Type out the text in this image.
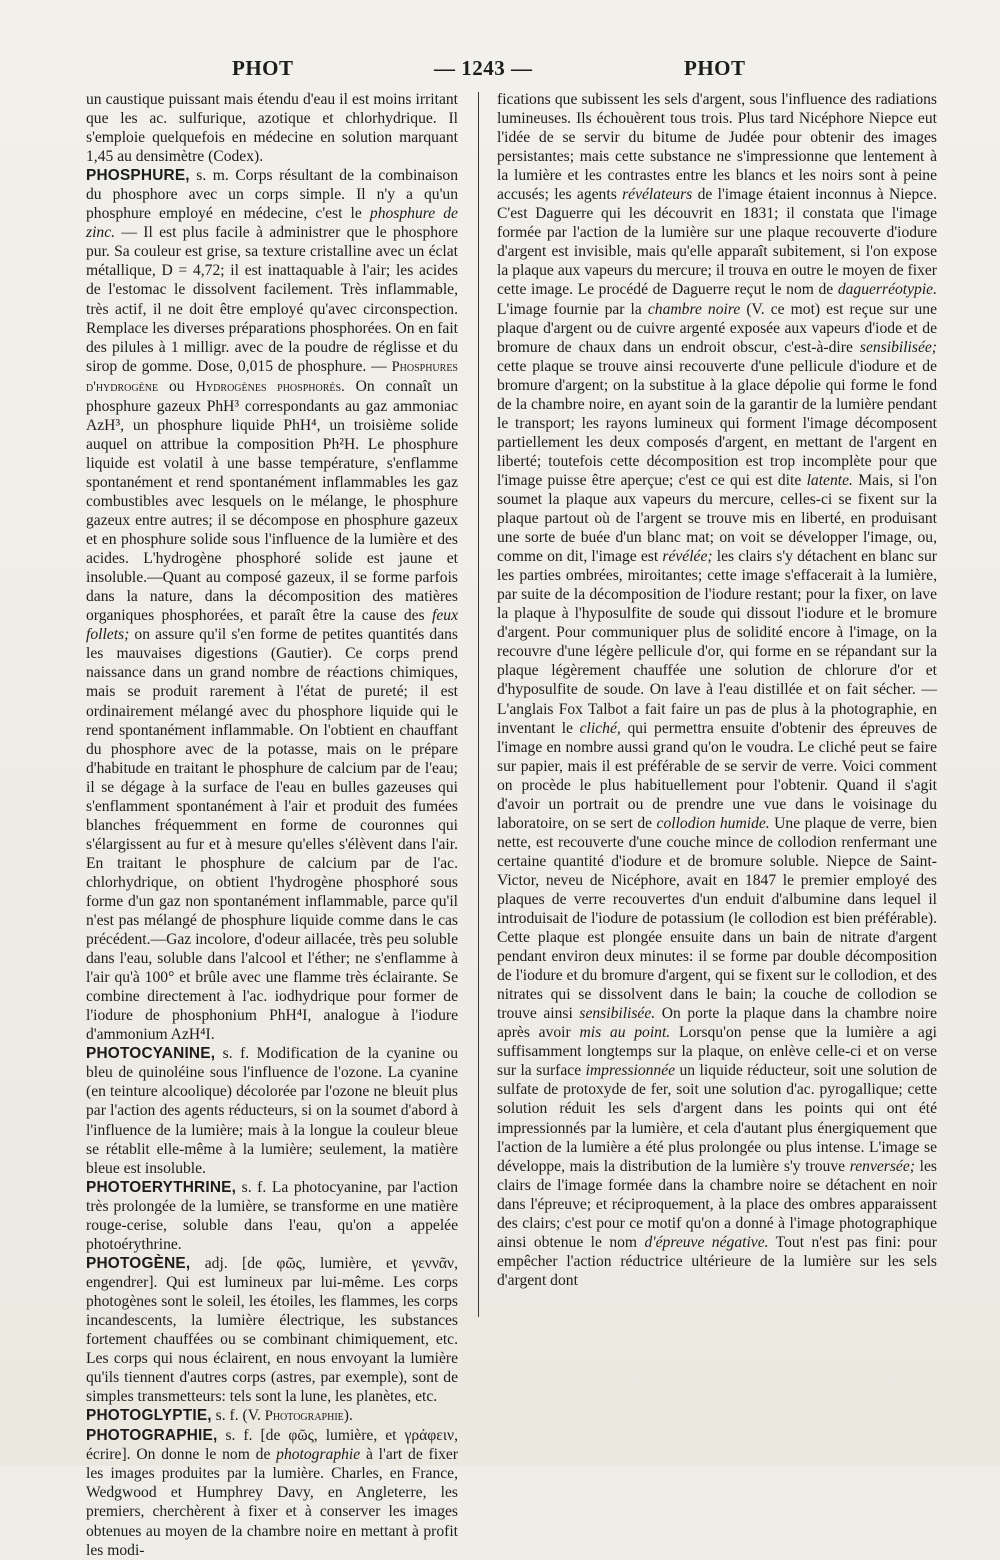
PHOT	— 1243 —	PHOT

un caustique puissant mais étendu d'eau il est moins irritant que les ac. sulfurique, azotique et chlorhydrique. Il s'emploie quelquefois en médecine en solution marquant 1,45 au densimètre (Codex).

PHOSPHURE, s. m. Corps résultant de la combinaison du phosphore avec un corps simple. Il n'y a qu'un phosphure employé en médecine, c'est le phosphure de zinc. — Il est plus facile à administrer que le phosphore pur. Sa couleur est grise, sa texture cristalline avec un éclat métallique, D = 4,72; il est inattaquable à l'air; les acides de l'estomac le dissolvent facilement. Très inflammable, très actif, il ne doit être employé qu'avec circonspection. Remplace les diverses préparations phosphorées. On en fait des pilules à 1 milligr. avec de la poudre de réglisse et du sirop de gomme. Dose, 0,015 de phosphure. — Phosphures d'hydrogène ou Hydrogènes phosphorés. On connaît un phosphure gazeux PhH³ correspondants au gaz ammoniac AzH³, un phosphure liquide PhH⁴, un troisième solide auquel on attribue la composition Ph²H. Le phosphure liquide est volatil à une basse température, s'enflamme spontanément et rend spontanément inflammables les gaz combustibles avec lesquels on le mélange, le phosphure gazeux entre autres; il se décompose en phosphure gazeux et en phosphure solide sous l'influence de la lumière et des acides. L'hydrogène phosphoré solide est jaune et insoluble.—Quant au composé gazeux, il se forme parfois dans la nature, dans la décomposition des matières organiques phosphorées, et paraît être la cause des feux follets; on assure qu'il s'en forme de petites quantités dans les mauvaises digestions (Gautier). Ce corps prend naissance dans un grand nombre de réactions chimiques, mais se produit rarement à l'état de pureté; il est ordinairement mélangé avec du phosphore liquide qui le rend spontanément inflammable. On l'obtient en chauffant du phosphore avec de la potasse, mais on le prépare d'habitude en traitant le phosphure de calcium par de l'eau; il se dégage à la surface de l'eau en bulles gazeuses qui s'enflamment spontanément à l'air et produit des fumées blanches fréquemment en forme de couronnes qui s'élargissent au fur et à mesure qu'elles s'élèvent dans l'air. En traitant le phosphure de calcium par de l'ac. chlorhydrique, on obtient l'hydrogène phosphoré sous forme d'un gaz non spontanément inflammable, parce qu'il n'est pas mélangé de phosphure liquide comme dans le cas précédent.—Gaz incolore, d'odeur aillacée, très peu soluble dans l'eau, soluble dans l'alcool et l'éther; ne s'enflamme à l'air qu'à 100° et brûle avec une flamme très éclairante. Se combine directement à l'ac. iodhydrique pour former de l'iodure de phosphonium PhH⁴I, analogue à l'iodure d'ammonium AzH⁴I.

PHOTOCYANINE, s. f. Modification de la cyanine ou bleu de quinoléine sous l'influence de l'ozone. La cyanine (en teinture alcoolique) décolorée par l'ozone ne bleuit plus par l'action des agents réducteurs, si on la soumet d'abord à l'influence de la lumière; mais à la longue la couleur bleue se rétablit elle-même à la lumière; seulement, la matière bleue est insoluble.

PHOTOERYTHRINE, s. f. La photocyanine, par l'action très prolongée de la lumière, se transforme en une matière rouge-cerise, soluble dans l'eau, qu'on a appelée photoérythrine.

PHOTOGÈNE, adj. [de φῶς, lumière, et γεννᾶν, engendrer]. Qui est lumineux par lui-même. Les corps photogènes sont le soleil, les étoiles, les flammes, les corps incandescents, la lumière électrique, les substances fortement chauffées ou se combinant chimiquement, etc. Les corps qui nous éclairent, en nous envoyant la lumière qu'ils tiennent d'autres corps (astres, par exemple), sont de simples transmetteurs: tels sont la lune, les planètes, etc.

PHOTOGLYPTIE, s. f. (V. Photographie).

PHOTOGRAPHIE, s. f. [de φῶς, lumière, et γράφειν, écrire]. On donne le nom de photographie à l'art de fixer les images produites par la lumière. Charles, en France, Wedgwood et Humphrey Davy, en Angleterre, les premiers, cherchèrent à fixer et à conserver les images obtenues au moyen de la chambre noire en mettant à profit les modi-

fications que subissent les sels d'argent, sous l'influence des radiations lumineuses. Ils échouèrent tous trois. Plus tard Nicéphore Niepce eut l'idée de se servir du bitume de Judée pour obtenir des images persistantes; mais cette substance ne s'impressionne que lentement à la lumière et les contrastes entre les blancs et les noirs sont à peine accusés; les agents révélateurs de l'image étaient inconnus à Niepce. C'est Daguerre qui les découvrit en 1831; il constata que l'image formée par l'action de la lumière sur une plaque recouverte d'iodure d'argent est invisible, mais qu'elle apparaît subitement, si l'on expose la plaque aux vapeurs du mercure; il trouva en outre le moyen de fixer cette image. Le procédé de Daguerre reçut le nom de daguerréotypie. L'image fournie par la chambre noire (V. ce mot) est reçue sur une plaque d'argent ou de cuivre argenté exposée aux vapeurs d'iode et de bromure de chaux dans un endroit obscur, c'est-à-dire sensibilisée; cette plaque se trouve ainsi recouverte d'une pellicule d'iodure et de bromure d'argent; on la substitue à la glace dépolie qui forme le fond de la chambre noire, en ayant soin de la garantir de la lumière pendant le transport; les rayons lumineux qui forment l'image décomposent partiellement les deux composés d'argent, en mettant de l'argent en liberté; toutefois cette décomposition est trop incomplète pour que l'image puisse être aperçue; c'est ce qui est dite latente. Mais, si l'on soumet la plaque aux vapeurs du mercure, celles-ci se fixent sur la plaque partout où de l'argent se trouve mis en liberté, en produisant une sorte de buée d'un blanc mat; on voit se développer l'image, ou, comme on dit, l'image est révélée; les clairs s'y détachent en blanc sur les parties ombrées, miroitantes; cette image s'effacerait à la lumière, par suite de la décomposition de l'iodure restant; pour la fixer, on lave la plaque à l'hyposulfite de soude qui dissout l'iodure et le bromure d'argent. Pour communiquer plus de solidité encore à l'image, on la recouvre d'une légère pellicule d'or, qui forme en se répandant sur la plaque légèrement chauffée une solution de chlorure d'or et d'hyposulfite de soude. On lave à l'eau distillée et on fait sécher. — L'anglais Fox Talbot a fait faire un pas de plus à la photographie, en inventant le cliché, qui permettra ensuite d'obtenir des épreuves de l'image en nombre aussi grand qu'on le voudra. Le cliché peut se faire sur papier, mais il est préférable de se servir de verre. Voici comment on procède le plus habituellement pour l'obtenir. Quand il s'agit d'avoir un portrait ou de prendre une vue dans le voisinage du laboratoire, on se sert de collodion humide. Une plaque de verre, bien nette, est recouverte d'une couche mince de collodion renfermant une certaine quantité d'iodure et de bromure soluble. Niepce de Saint-Victor, neveu de Nicéphore, avait en 1847 le premier employé des plaques de verre recouvertes d'un enduit d'albumine dans lequel il introduisait de l'iodure de potassium (le collodion est bien préférable). Cette plaque est plongée ensuite dans un bain de nitrate d'argent pendant environ deux minutes: il se forme par double décomposition de l'iodure et du bromure d'argent, qui se fixent sur le collodion, et des nitrates qui se dissolvent dans le bain; la couche de collodion se trouve ainsi sensibilisée. On porte la plaque dans la chambre noire après avoir mis au point. Lorsqu'on pense que la lumière a agi suffisamment longtemps sur la plaque, on enlève celle-ci et on verse sur la surface impressionnée un liquide réducteur, soit une solution de sulfate de protoxyde de fer, soit une solution d'ac. pyrogallique; cette solution réduit les sels d'argent dans les points qui ont été impressionnés par la lumière, et cela d'autant plus énergiquement que l'action de la lumière a été plus prolongée ou plus intense. L'image se développe, mais la distribution de la lumière s'y trouve renversée; les clairs de l'image formée dans la chambre noire se détachent en noir dans l'épreuve; et réciproquement, à la place des ombres apparaissent des clairs; c'est pour ce motif qu'on a donné à l'image photographique ainsi obtenue le nom d'épreuve négative. Tout n'est pas fini: pour empêcher l'action réductrice ultérieure de la lumière sur les sels d'argent dont
